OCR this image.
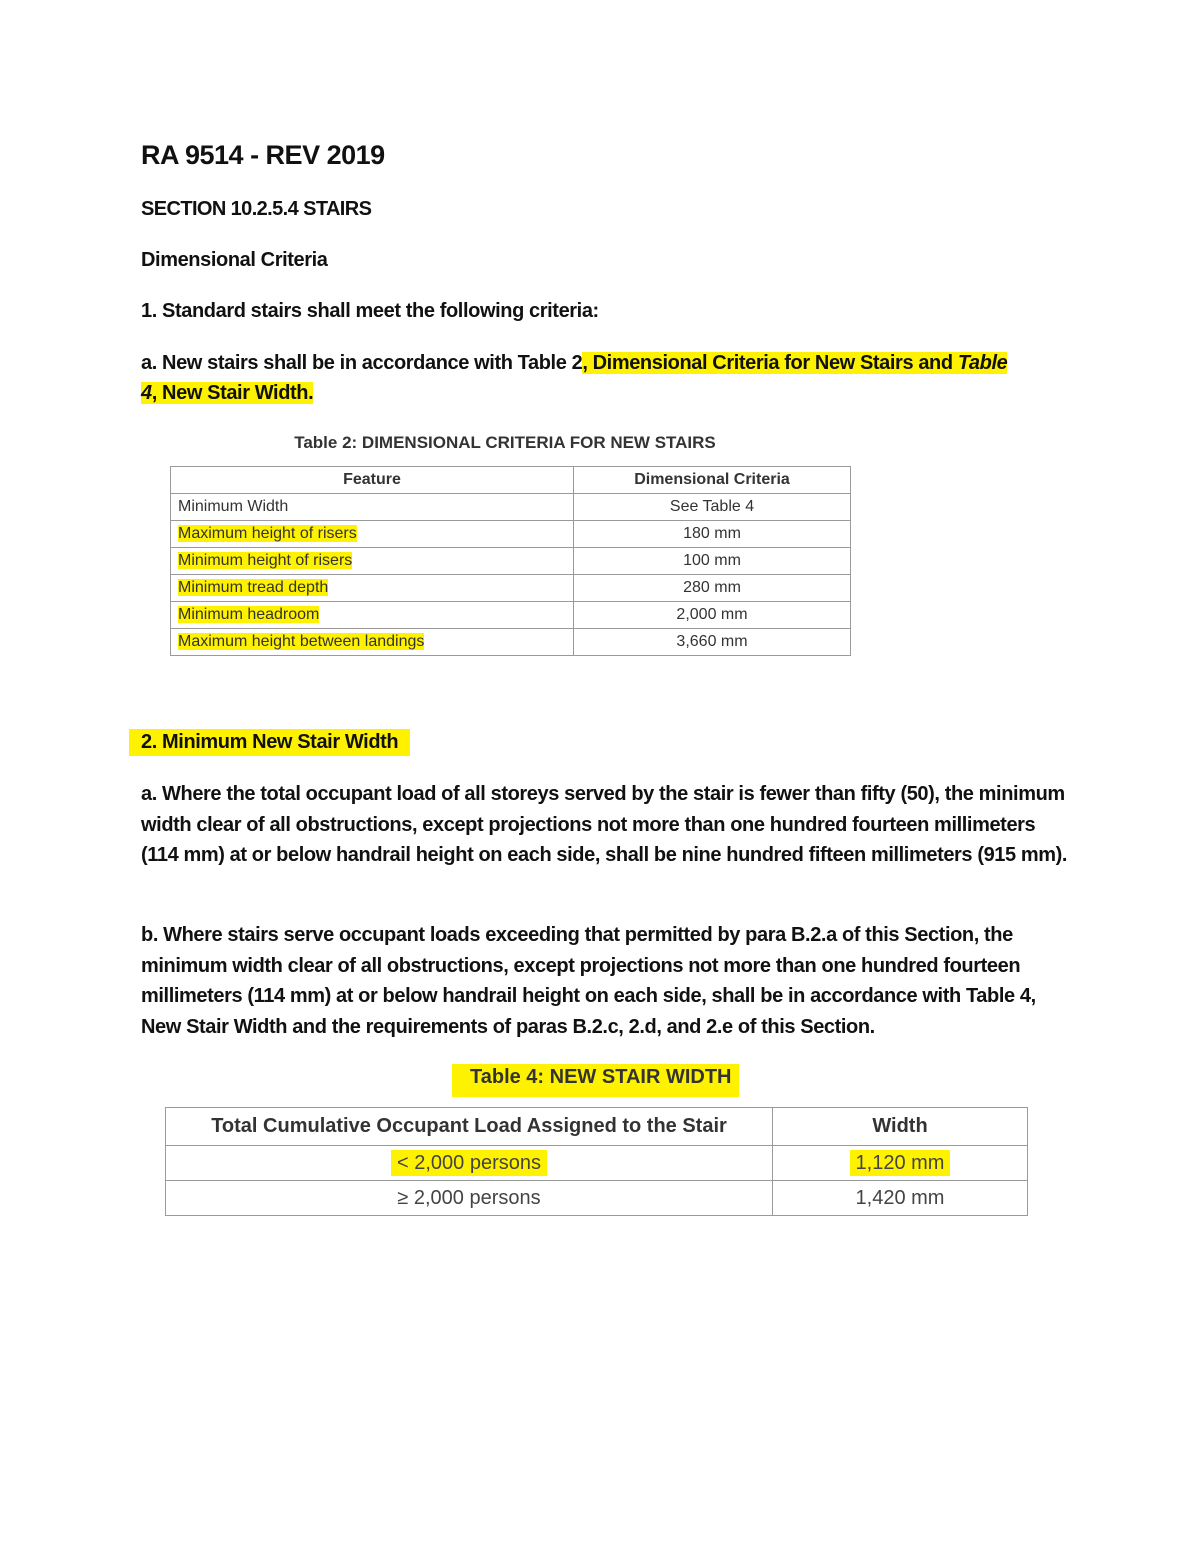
RA 9514 - REV 2019
SECTION 10.2.5.4 STAIRS
Dimensional Criteria
1. Standard stairs shall meet the following criteria:
a. New stairs shall be in accordance with Table 2, Dimensional Criteria for New Stairs and Table
4, New Stair Width.
Table 2: DIMENSIONAL CRITERIA FOR NEW STAIRS
Feature	Dimensional Criteria
Minimum Width	See Table 4
Maximum height of risers	180 mm
Minimum height of risers	100 mm
Minimum tread depth	280 mm
Minimum headroom	2,000 mm
Maximum height between landings	3,660 mm
2. Minimum New Stair Width
a. Where the total occupant load of all storeys served by the stair is fewer than fifty (50), the minimum width clear of all obstructions, except projections not more than one hundred fourteen millimeters (114 mm) at or below handrail height on each side, shall be nine hundred fifteen millimeters (915 mm).
b. Where stairs serve occupant loads exceeding that permitted by para B.2.a of this Section, the minimum width clear of all obstructions, except projections not more than one hundred fourteen millimeters (114 mm) at or below handrail height on each side, shall be in accordance with Table 4, New Stair Width and the requirements of paras B.2.c, 2.d, and 2.e of this Section.
Table 4: NEW STAIR WIDTH
Total Cumulative Occupant Load Assigned to the Stair	Width
< 2,000 persons	1,120 mm
≥ 2,000 persons	1,420 mm
